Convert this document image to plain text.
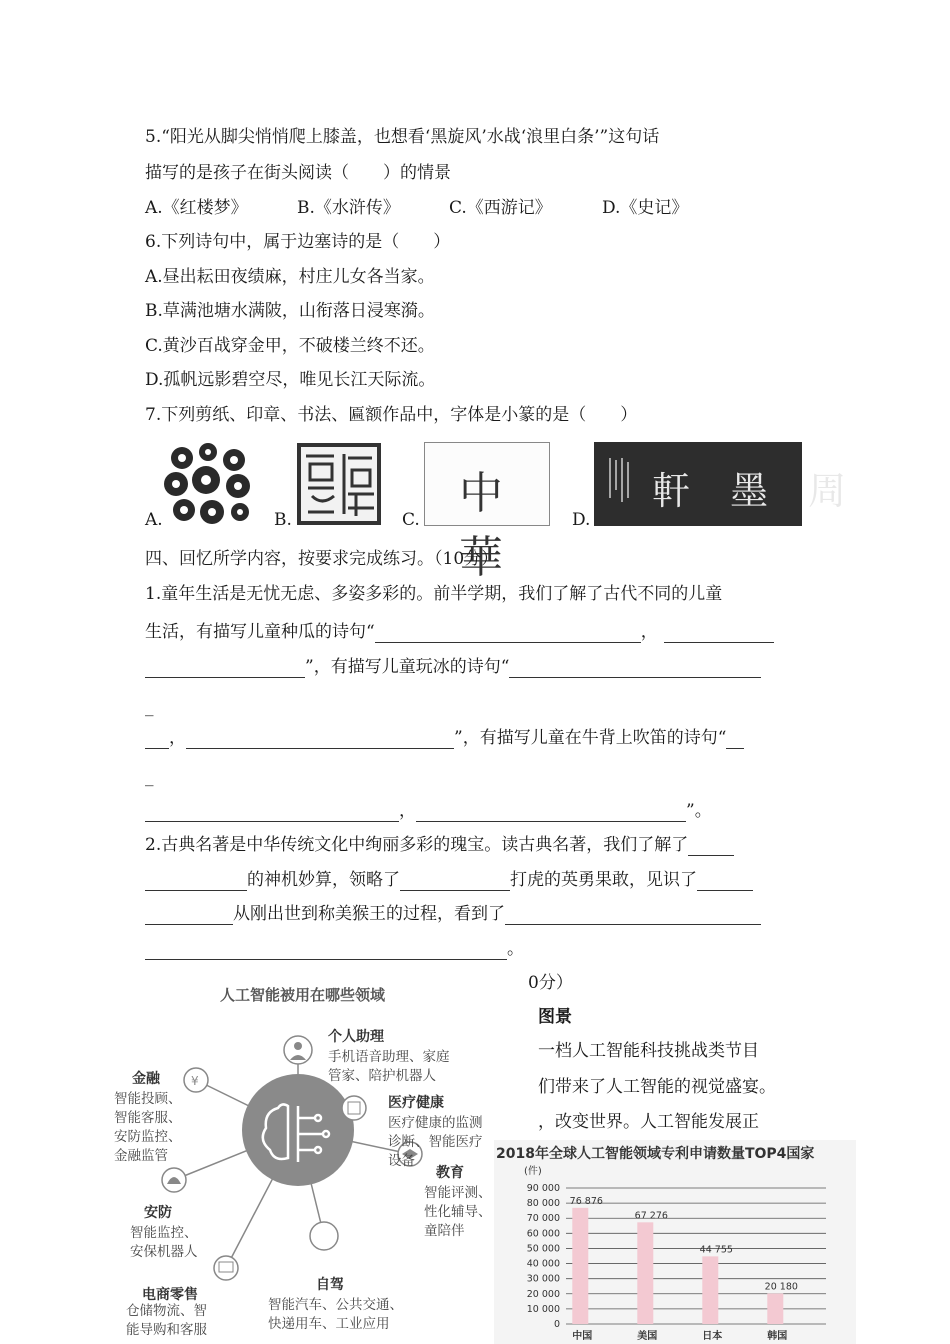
5.“阳光从脚尖悄悄爬上膝盖，也想看‘黑旋风’水战‘浪里白条’”这句话
描写的是孩子在街头阅读（　　）的情景
A.《红楼梦》	B.《水浒传》	C.《西游记》	D.《史记》
6.下列诗句中，属于边塞诗的是（　　）
A.昼出耘田夜绩麻，村庄儿女各当家。
B.草满池塘水满陂，山衔落日浸寒漪。
C.黄沙百战穿金甲，不破楼兰终不还。
D.孤帆远影碧空尽，唯见长江天际流。
7.下列剪纸、印章、书法、匾额作品中，字体是小篆的是（　　）
A.	B.	C.
中 華
D.
軒 墨 周
四、回忆所学内容，按要求完成练习。（10分）
1.童年生活是无忧无虑、多姿多彩的。前半学期，我们了解了古代不同的儿童
生活，有描写儿童种瓜的诗句“	，
”，有描写儿童玩冰的诗句“
_
，	”，有描写儿童在牛背上吹笛的诗句“
_
，	”。
2.古典名著是中华传统文化中绚丽多彩的瑰宝。读古典名著，我们了解了
的神机妙算，领略了	打虎的英勇果敢，见识了
从刚出世到称美猴王的过程，看到了
。
0分）
图景
一档人工智能科技挑战类节目
们带来了人工智能的视觉盛宴。
，改变世界。人工智能发展正
人工智能被用在哪些领域
¥
个人助理
手机语音助理、家庭
管家、陪护机器人
医疗健康
医疗健康的监测
诊断、智能医疗
设备
教育
智能评测、
性化辅导、
童陪伴
自驾
智能汽车、公共交通、
快递用车、工业应用
电商零售
仓储物流、智
能导购和客服
安防
智能监控、
安保机器人
金融
智能投顾、
智能客服、
安防监控、
金融监管	2018年全球人工智能领域专利申请数量TOP4国家
(件)
0
10 000
20 000
30 000
40 000
50 000
60 000
70 000
80 000
90 000
76 876
中国
67 276
美国
44 755
日本
20 180
韩国
